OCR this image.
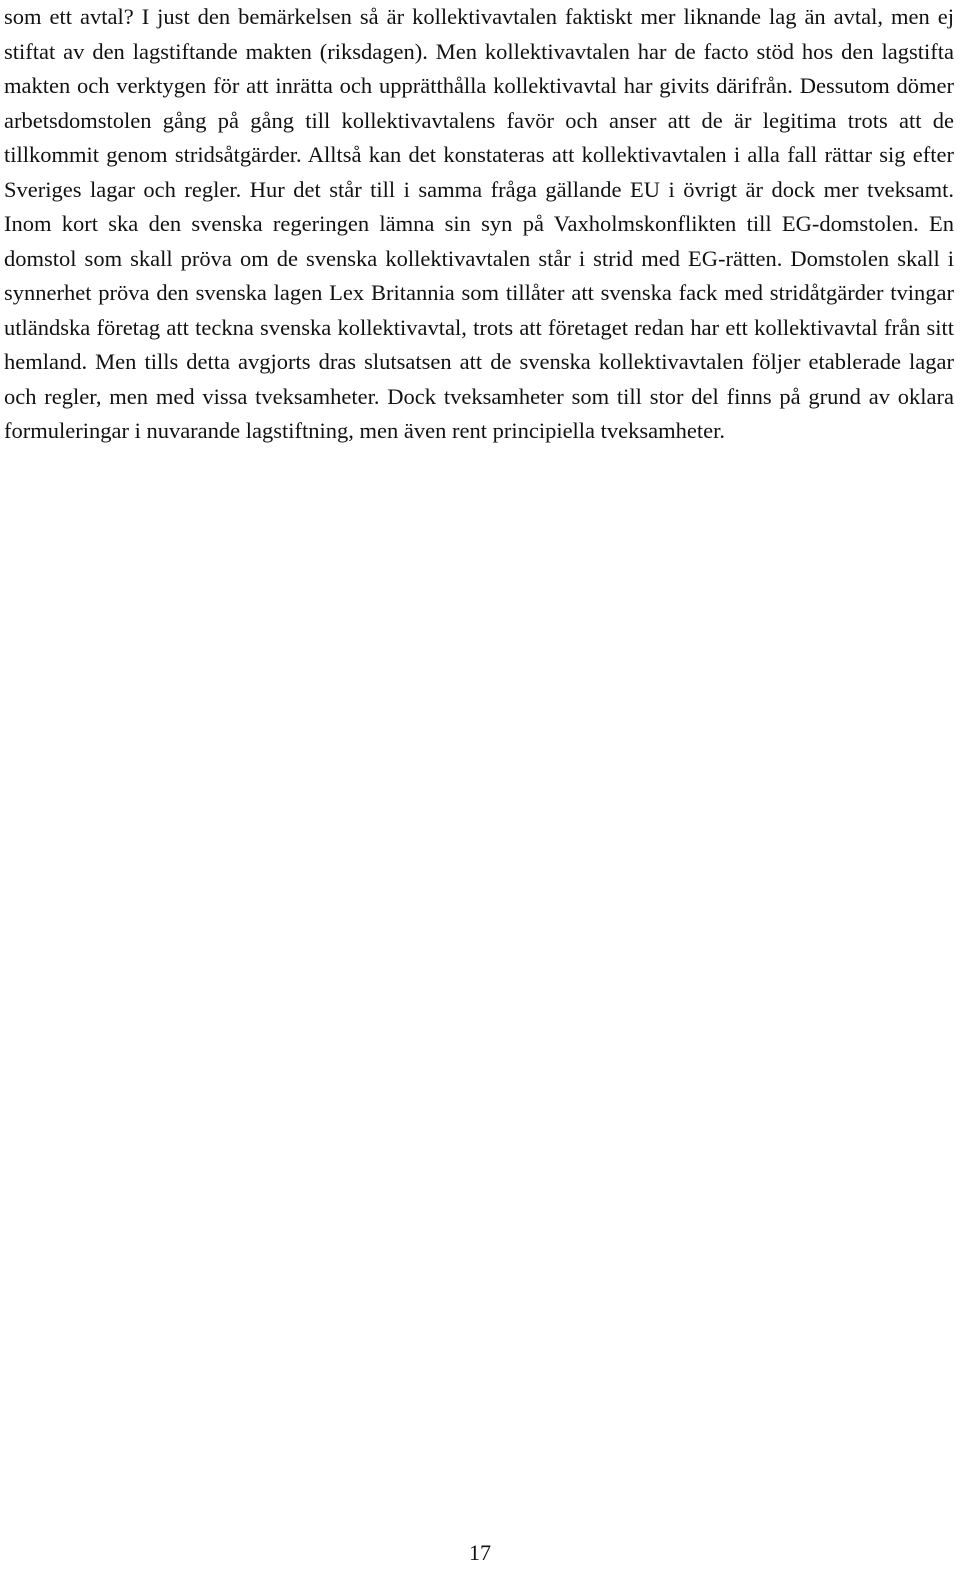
som ett avtal? I just den bemärkelsen så är kollektivavtalen faktiskt mer liknande lag än avtal, men ej stiftat av den lagstiftande makten (riksdagen). Men kollektivavtalen har de facto stöd hos den lagstifta makten och verktygen för att inrätta och upprätthålla kollektivavtal har givits därifrån. Dessutom dömer arbetsdomstolen gång på gång till kollektivavtalens favör och anser att de är legitima trots att de tillkommit genom stridsåtgärder. Alltså kan det konstateras att kollektivavtalen i alla fall rättar sig efter Sveriges lagar och regler. Hur det står till i samma fråga gällande EU i övrigt är dock mer tveksamt. Inom kort ska den svenska regeringen lämna sin syn på Vaxholmskonflikten till EG-domstolen. En domstol som skall pröva om de svenska kollektivavtalen står i strid med EG-rätten. Domstolen skall i synnerhet pröva den svenska lagen Lex Britannia som tillåter att svenska fack med stridåtgärder tvingar utländska företag att teckna svenska kollektivavtal, trots att företaget redan har ett kollektivavtal från sitt hemland. Men tills detta avgjorts dras slutsatsen att de svenska kollektivavtalen följer etablerade lagar och regler, men med vissa tveksamheter. Dock tveksamheter som till stor del finns på grund av oklara formuleringar i nuvarande lagstiftning, men även rent principiella tveksamheter.

17
